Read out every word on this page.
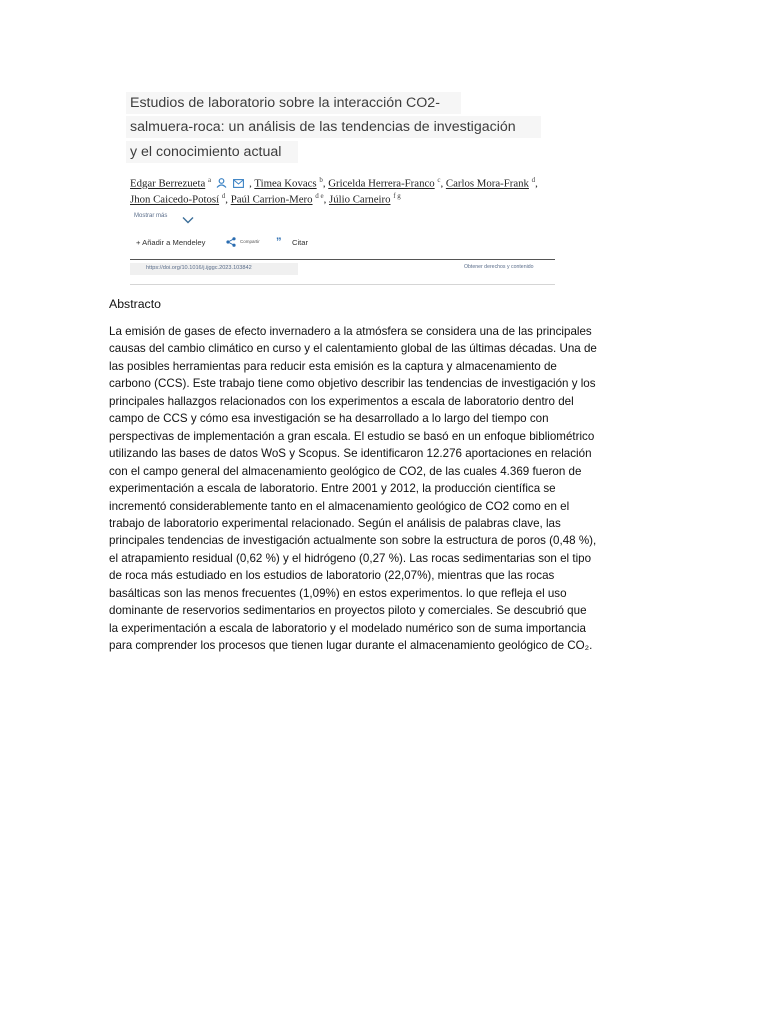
Estudios de laboratorio sobre la interacción CO2-
salmuera-roca: un análisis de las tendencias de investigación
y el conocimiento actual
Edgar Berrezueta $^a$	, Timea Kovacs $^b$, Gricelda Herrera-Franco $^c$, Carlos Mora-Frank $^d$,
Jhon Caicedo-Potosí $^d$, Paúl Carrion-Mero $^{d e}$, Júlio Carneiro $^{f g}$
Mostrar más
+ Añadir a Mendeley	Compartir ” Citar
https://doi.org/10.1016/j.ijggc.2023.103842	Obtener derechos y contenido
Abstracto

La emisión de gases de efecto invernadero a la atmósfera se considera una de las principales
causas del cambio climático en curso y el calentamiento global de las últimas décadas. Una de
las posibles herramientas para reducir esta emisión es la captura y almacenamiento de
carbono (CCS). Este trabajo tiene como objetivo describir las tendencias de investigación y los
principales hallazgos relacionados con los experimentos a escala de laboratorio dentro del
campo de CCS y cómo esa investigación se ha desarrollado a lo largo del tiempo con
perspectivas de implementación a gran escala. El estudio se basó en un enfoque bibliométrico
utilizando las bases de datos WoS y Scopus. Se identificaron 12.276 aportaciones en relación
con el campo general del almacenamiento geológico de CO2, de las cuales 4.369 fueron de
experimentación a escala de laboratorio. Entre 2001 y 2012, la producción científica se
incrementó considerablemente tanto en el almacenamiento geológico de CO2 como en el
trabajo de laboratorio experimental relacionado. Según el análisis de palabras clave, las
principales tendencias de investigación actualmente son sobre la estructura de poros (0,48 %),
el atrapamiento residual (0,62 %) y el hidrógeno (0,27 %). Las rocas sedimentarias son el tipo
de roca más estudiado en los estudios de laboratorio (22,07%), mientras que las rocas
basálticas son las menos frecuentes (1,09%) en estos experimentos. lo que refleja el uso
dominante de reservorios sedimentarios en proyectos piloto y comerciales. Se descubrió que
la experimentación a escala de laboratorio y el modelado numérico son de suma importancia
para comprender los procesos que tienen lugar durante el almacenamiento geológico de CO₂.
